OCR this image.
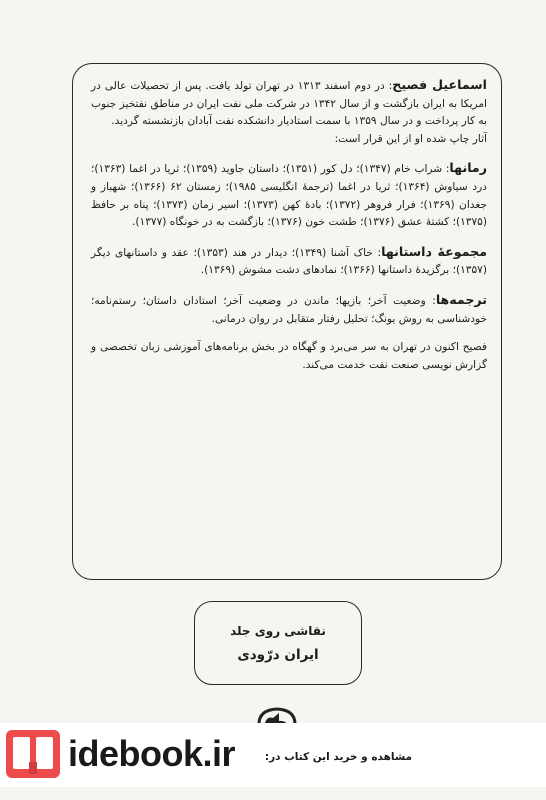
اسماعیل فصیح: در دوم اسفند ۱۳۱۳ در تهران تولد یافت. پس از تحصیلات عالی در امریکا به ایران بازگشت و از سال ۱۳۴۲ در شرکت ملی نفت ایران در مناطق نفتخیز جنوب به کار پرداخت و در سال ۱۳۵۹ با سمت استادیار دانشکده نفت آبادان بازنشسته گردید.

آثار چاپ شده او از این قرار است:

رمانها: شراب خام (۱۳۴۷)؛ دل کور (۱۳۵۱)؛ داستان جاوید (۱۳۵۹)؛ ثریا در اغما (۱۳۶۳)؛ درد سیاوش (۱۳۶۴)؛ ثریا در اغما (ترجمهٔ انگلیسی ۱۹۸۵)؛ زمستان ۶۲ (۱۳۶۶)؛ شهباز و جغدان (۱۳۶۹)؛ فرار فروهر (۱۳۷۲)؛ بادهٔ کهن (۱۳۷۳)؛ اسیر زمان (۱۳۷۳)؛ پناه بر حافظ (۱۳۷۵)؛ کشتهٔ عشق (۱۳۷۶)؛ طشت خون (۱۳۷۶)؛ بازگشت به در خونگاه (۱۳۷۷).

مجموعهٔ داستانها: خاک آشنا (۱۳۴۹)؛ دیدار در هند (۱۳۵۳)؛ عقد و داستانهای دیگر (۱۳۵۷)؛ برگزیدهٔ داستانها (۱۳۶۶)؛ نمادهای دشت مشوش (۱۳۶۹).

ترجمه‌ها: وضعیت آخر؛ بازیها؛ ماندن در وضعیت آخر؛ استادان داستان؛ رستم‌نامه؛ خودشناسی به روش یونگ؛ تحلیل رفتار متقابل در روان درمانی.

فصیح اکنون در تهران به سر می‌برد و گهگاه در بخش برنامه‌های آموزشی زبان تخصصی و گزارش نویسی صنعت نفت خدمت می‌کند.

نقاشی روی جلد
ایران درّودی
idebook.ir	مشاهده و خرید این کتاب در:
